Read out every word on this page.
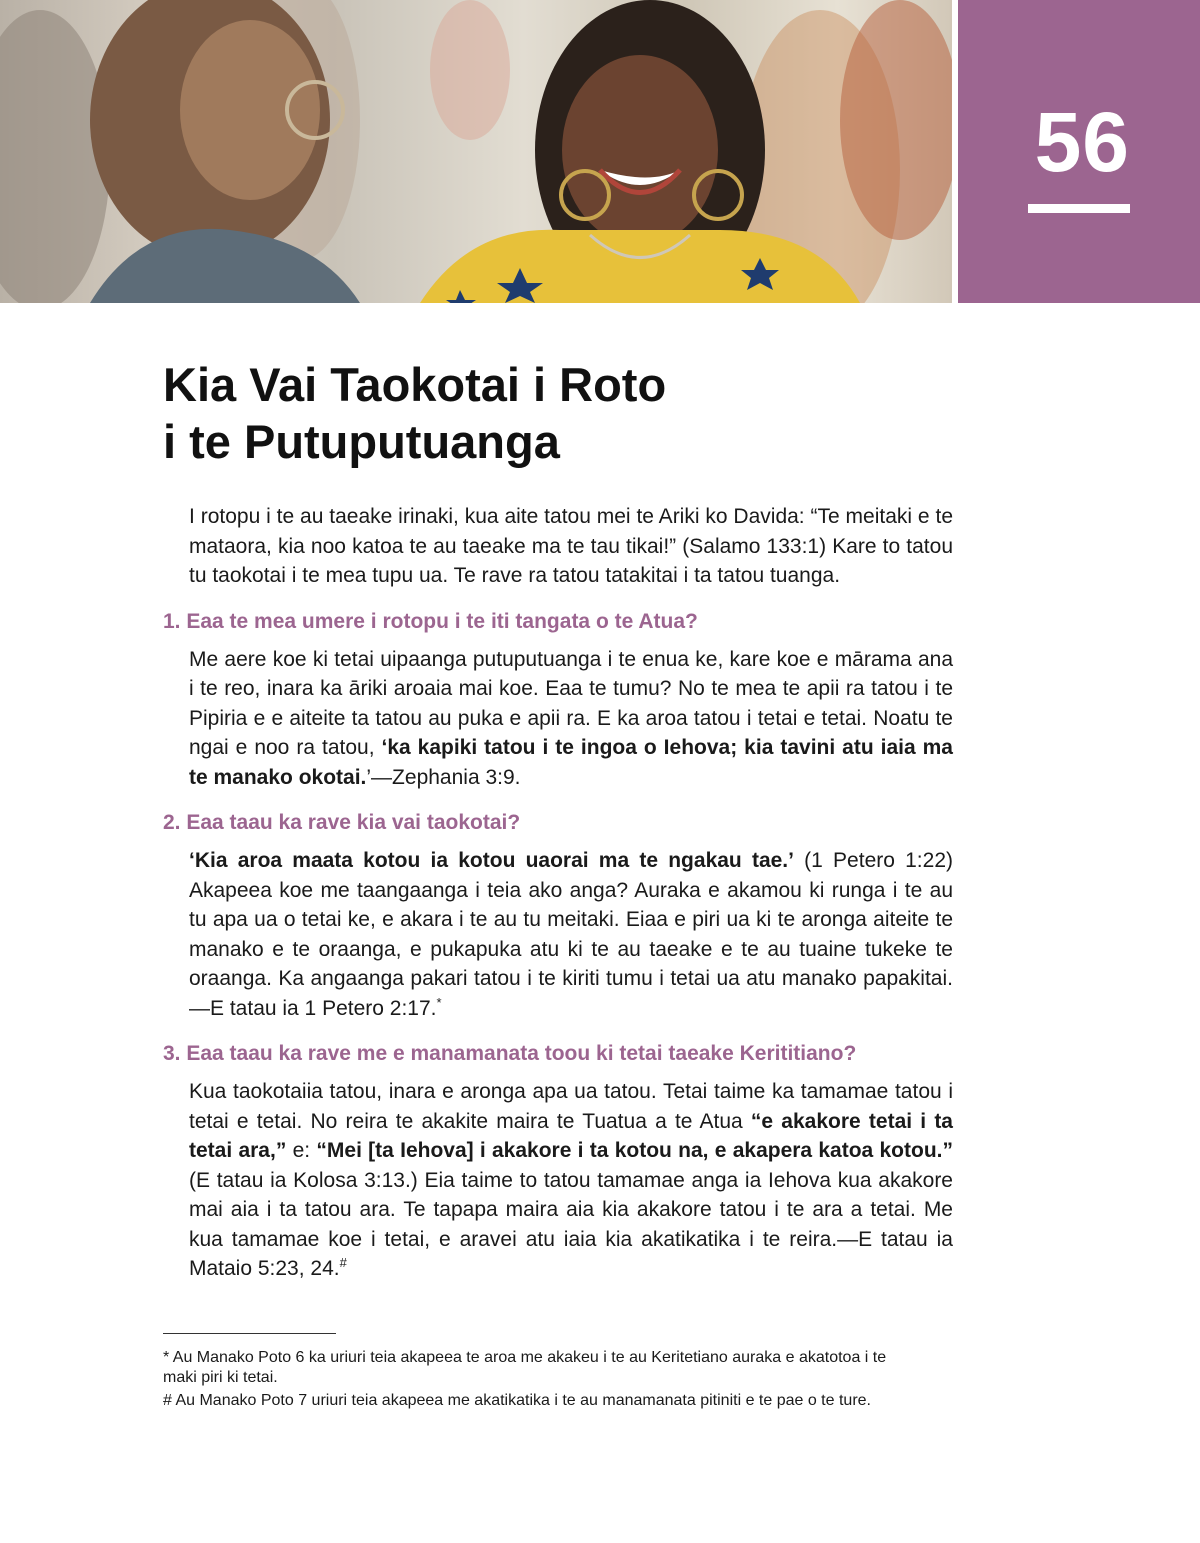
56
Kia Vai Taokotai i Roto
i te Putuputuanga

I rotopu i te au taeake irinaki, kua aite tatou mei te Ariki ko Davida: “Te meitaki e te mataora, kia noo katoa te au taeake ma te tau tikai!” (Salamo 133:1) Kare to tatou tu taokotai i te mea tupu ua. Te rave ra tatou tatakitai i ta tatou tuanga.

1. Eaa te mea umere i rotopu i te iti tangata o te Atua?

Me aere koe ki tetai uipaanga putuputuanga i te enua ke, kare koe e mārama ana i te reo, inara ka āriki aroaia mai koe. Eaa te tumu? No te mea te apii ra tatou i te Pipiria e e aiteite ta tatou au puka e apii ra. E ka aroa tatou i tetai e tetai. Noatu te ngai e noo ra tatou, ‘ka kapiki tatou i te ingoa o Iehova; kia tavini atu iaia ma te manako okotai.’—Zephania 3:9.

2. Eaa taau ka rave kia vai taokotai?

‘Kia aroa maata kotou ia kotou uaorai ma te ngakau tae.’ (1 Petero 1:22) Akapeea koe me taangaanga i teia ako anga? Auraka e akamou ki runga i te au tu apa ua o tetai ke, e akara i te au tu meitaki. Eiaa e piri ua ki te aronga aiteite te manako e te oraanga, e pukapuka atu ki te au taeake e te au tuaine tukeke te oraanga. Ka angaanga pakari tatou i te kiriti tumu i tetai ua atu manako papakitai.—E tatau ia 1 Petero 2:17.*

3. Eaa taau ka rave me e manamanata toou ki tetai taeake Kerititiano?

Kua taokotaiia tatou, inara e aronga apa ua tatou. Tetai taime ka tamamae tatou i tetai e tetai. No reira te akakite maira te Tuatua a te Atua “e akakore tetai i ta tetai ara,” e: “Mei [ta Iehova] i akakore i ta kotou na, e akapera katoa kotou.” (E tatau ia Kolosa 3:13.) Eia taime to tatou tamamae anga ia Iehova kua akakore mai aia i ta tatou ara. Te tapapa maira aia kia akakore tatou i te ara a tetai. Me kua tamamae koe i tetai, e aravei atu iaia kia akatikatika i te reira.—E tatau ia Mataio 5:23, 24.#

* Au Manako Poto 6 ka uriuri teia akapeea te aroa me akakeu i te au Keritetiano auraka e akatotoa i te maki piri ki tetai.

# Au Manako Poto 7 uriuri teia akapeea me akatikatika i te au manamanata pitiniti e te pae o te ture.
